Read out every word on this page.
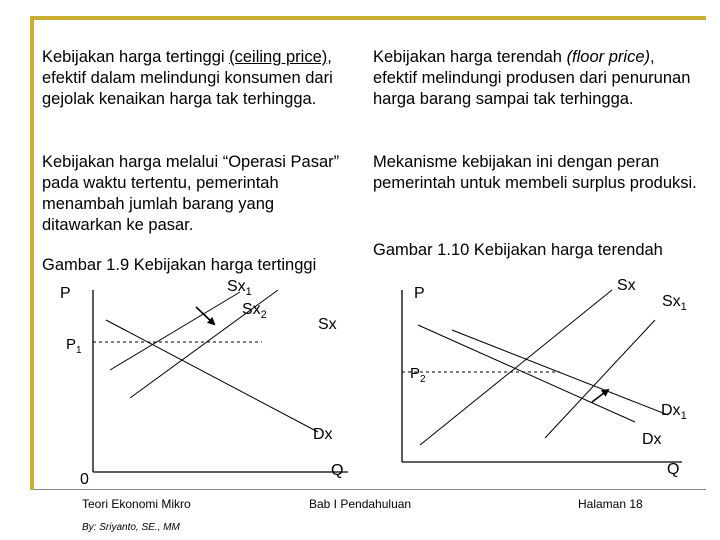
Kebijakan harga tertinggi (ceiling price), efektif dalam melindungi konsumen dari gejolak kenaikan harga tak terhingga.
Kebijakan harga melalui “Operasi Pasar” pada waktu tertentu, pemerintah menambah jumlah barang yang ditawarkan ke pasar.
Kebijakan harga terendah (floor price), efektif melindungi produsen dari penurunan harga barang sampai tak terhingga.
Mekanisme kebijakan ini dengan peran pemerintah untuk membeli surplus produksi.
Gambar 1.9 Kebijakan harga tertinggi
Gambar 1.10 Kebijakan harga terendah
P
$P_1$
$Sx_1$
$Sx_2$
Sx
Dx
0
Q
P
$P_2$
Sx
$Sx_1$
$Dx_1$
Dx
Q
Teori Ekonomi Mikro	Bab I Pendahuluan	Halaman 18
By: Sriyanto, SE., MM
